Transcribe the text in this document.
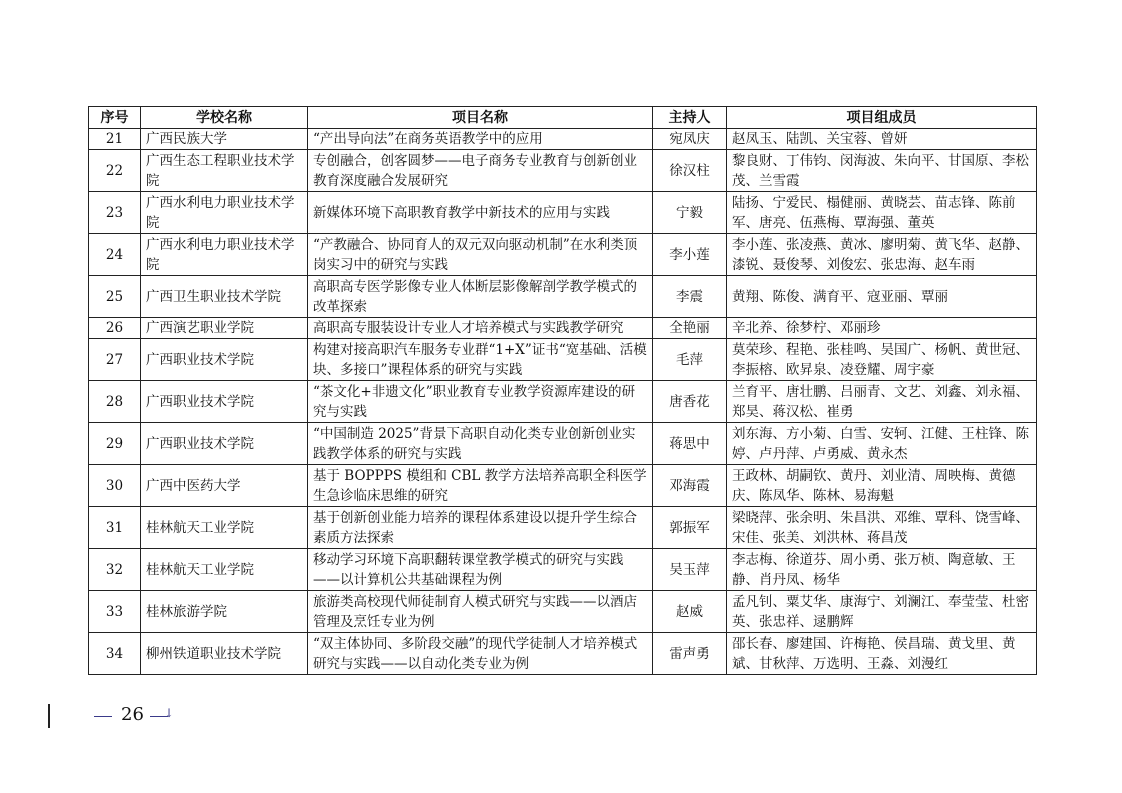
序号	学校名称	项目名称	主持人	项目组成员
21	广西民族大学	“产出导向法”在商务英语教学中的应用	宛凤庆	赵凤玉、陆凯、关宝蓉、曾妍
22	广西生态工程职业技术学院	专创融合，创客圆梦——电子商务专业教育与创新创业教育深度融合发展研究	徐汉柱	黎良财、丁伟钧、闵海波、朱向平、甘国原、李松茂、兰雪霞
23	广西水利电力职业技术学院	新媒体环境下高职教育教学中新技术的应用与实践	宁毅	陆扬、宁爱民、榻健丽、黄晓芸、苗志锋、陈前军、唐亮、伍燕梅、覃海强、董英
24	广西水利电力职业技术学院	“产教融合、协同育人的双元双向驱动机制”在水利类顶岗实习中的研究与实践	李小莲	李小莲、张凌燕、黄冰、廖明菊、黄飞华、赵静、漆锐、聂俊琴、刘俊宏、张忠海、赵车雨
25	广西卫生职业技术学院	高职高专医学影像专业人体断层影像解剖学教学模式的改革探索	李震	黄翔、陈俊、满育平、寇亚丽、覃丽
26	广西演艺职业学院	高职高专服装设计专业人才培养模式与实践教学研究	全艳丽	辛北养、徐梦柠、邓丽珍
27	广西职业技术学院	构建对接高职汽车服务专业群“1+X”证书“宽基础、活模块、多接口”课程体系的研究与实践	毛萍	莫荣珍、程艳、张桂鸣、吴国广、杨帆、黄世冠、李振榕、欧昇泉、凌登耀、周宇豪
28	广西职业技术学院	“茶文化+非遗文化”职业教育专业教学资源库建设的研究与实践	唐香花	兰育平、唐壮鹏、吕丽青、文艺、刘鑫、刘永福、郑昊、蒋汉松、崔勇
29	广西职业技术学院	“中国制造 2025”背景下高职自动化类专业创新创业实践教学体系的研究与实践	蒋思中	刘东海、方小菊、白雪、安轲、江健、王柱锋、陈婷、卢丹萍、卢勇威、黄永杰
30	广西中医药大学	基于 BOPPPS 模组和 CBL 教学方法培养高职全科医学生急诊临床思维的研究	邓海霞	王政林、胡嗣钦、黄丹、刘业清、周映梅、黄德庆、陈凤华、陈林、易海魁
31	桂林航天工业学院	基于创新创业能力培养的课程体系建设以提升学生综合素质方法探索	郭振军	梁晓萍、张余明、朱昌洪、邓维、覃科、饶雪峰、宋佳、张美、刘洪林、蒋昌茂
32	桂林航天工业学院	移动学习环境下高职翻转课堂教学模式的研究与实践——以计算机公共基础课程为例	吴玉萍	李志梅、徐道芬、周小勇、张万桢、陶意敏、王静、肖丹凤、杨华
33	桂林旅游学院	旅游类高校现代师徒制育人模式研究与实践——以酒店管理及烹饪专业为例	赵威	孟凡钊、粟艾华、康海宁、刘澜江、奉莹莹、杜密英、张忠祥、逯鹏辉
34	柳州铁道职业技术学院	“双主体协同、多阶段交融”的现代学徒制人才培养模式研究与实践——以自动化类专业为例	雷声勇	邵长春、廖建国、许梅艳、侯昌瑞、黄戈里、黄斌、甘秋萍、万选明、王淼、刘漫红
26 ↓
